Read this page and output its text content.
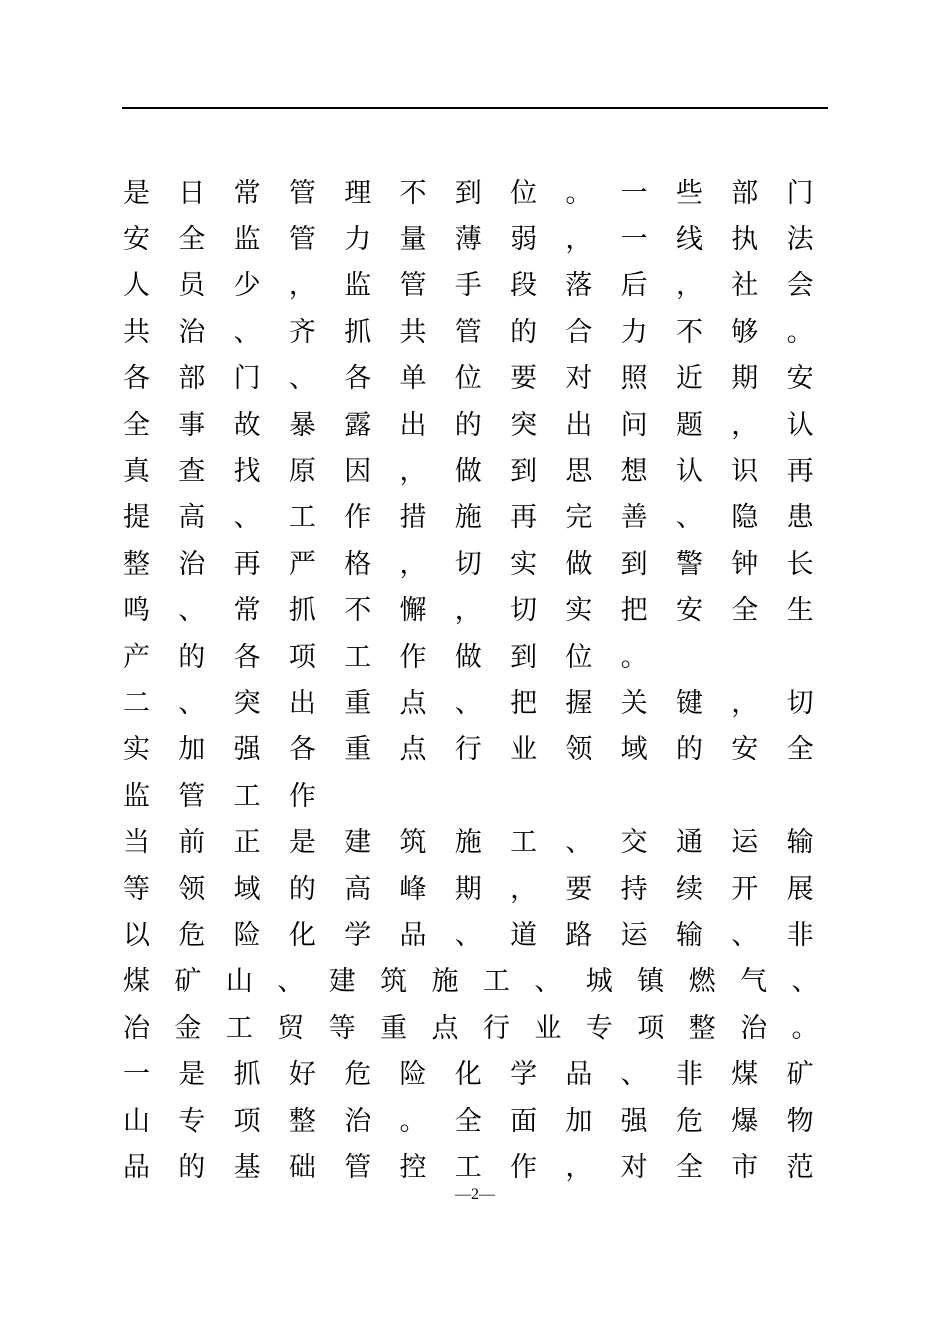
是	日	常	管	理	不	到	位	。	一	些	部	门
安	全	监	管	力	量	薄	弱	，	一	线	执	法
人	员	少	，	监	管	手	段	落	后	，	社	会
共	治	、	齐	抓	共	管	的	合	力	不	够	。
各	部	门	、	各	单	位	要	对	照	近	期	安
全	事	故	暴	露	出	的	突	出	问	题	，	认
真	查	找	原	因	，	做	到	思	想	认	识	再
提	高	、	工	作	措	施	再	完	善	、	隐	患
整	治	再	严	格	，	切	实	做	到	警	钟	长
鸣	、	常	抓	不	懈	，	切	实	把	安	全	生
产	的	各	项	工	作	做	到	位	。
二	、	突	出	重	点	、	把	握	关	键	，	切
实	加	强	各	重	点	行	业	领	域	的	安	全
监	管	工	作
当	前	正	是	建	筑	施	工	、	交	通	运	输
等	领	域	的	高	峰	期	，	要	持	续	开	展
以	危	险	化	学	品	、	道	路	运	输	、	非
煤 矿 山 、 建 筑 施 工 、 城 镇 燃 气 、
冶 金 工 贸 等 重 点 行 业 专 项 整 治 。
一	是	抓	好	危	险	化	学	品	、	非	煤	矿
山	专	项	整	治	。	全	面	加	强	危	爆	物
品	的	基	础	管	控	工	作	，	对	全	市	范
—2—
